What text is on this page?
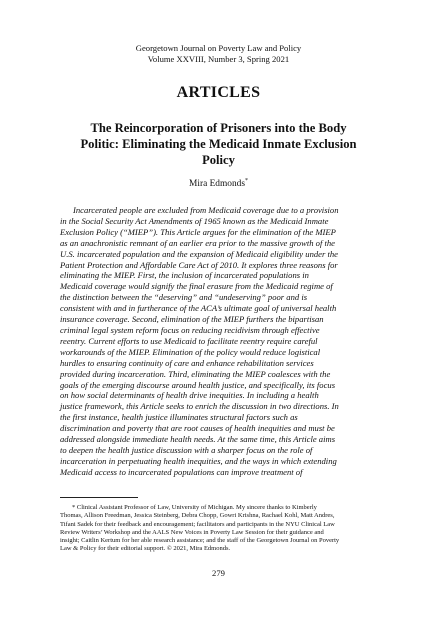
Georgetown Journal on Poverty Law and Policy
Volume XXVIII, Number 3, Spring 2021
ARTICLES
The Reincorporation of Prisoners into the Body
Politic: Eliminating the Medicaid Inmate Exclusion
Policy
Mira Edmonds*
Incarcerated people are excluded from Medicaid coverage due to a provision
in the Social Security Act Amendments of 1965 known as the Medicaid Inmate
Exclusion Policy (“MIEP”). This Article argues for the elimination of the MIEP
as an anachronistic remnant of an earlier era prior to the massive growth of the
U.S. incarcerated population and the expansion of Medicaid eligibility under the
Patient Protection and Affordable Care Act of 2010. It explores three reasons for
eliminating the MIEP. First, the inclusion of incarcerated populations in
Medicaid coverage would signify the final erasure from the Medicaid regime of
the distinction between the “deserving” and “undeserving” poor and is
consistent with and in furtherance of the ACA’s ultimate goal of universal health
insurance coverage. Second, elimination of the MIEP furthers the bipartisan
criminal legal system reform focus on reducing recidivism through effective
reentry. Current efforts to use Medicaid to facilitate reentry require careful
workarounds of the MIEP. Elimination of the policy would reduce logistical
hurdles to ensuring continuity of care and enhance rehabilitation services
provided during incarceration. Third, eliminating the MIEP coalesces with the
goals of the emerging discourse around health justice, and specifically, its focus
on how social determinants of health drive inequities. In including a health
justice framework, this Article seeks to enrich the discussion in two directions. In
the first instance, health justice illuminates structural factors such as
discrimination and poverty that are root causes of health inequities and must be
addressed alongside immediate health needs. At the same time, this Article aims
to deepen the health justice discussion with a sharper focus on the role of
incarceration in perpetuating health inequities, and the ways in which extending
Medicaid access to incarcerated populations can improve treatment of
* Clinical Assistant Professor of Law, University of Michigan. My sincere thanks to Kimberly
Thomas, Allison Freedman, Jessica Steinberg, Debra Chopp, Gowri Krishna, Rachael Kohl, Matt Andres,
Tifani Sadek for their feedback and encouragement; facilitators and participants in the NYU Clinical Law
Review Writers’ Workshop and the AALS New Voices in Poverty Law Session for their guidance and
insight; Caitlin Kertum for her able research assistance; and the staff of the Georgetown Journal on Poverty
Law & Policy for their editorial support. © 2021, Mira Edmonds.
279
